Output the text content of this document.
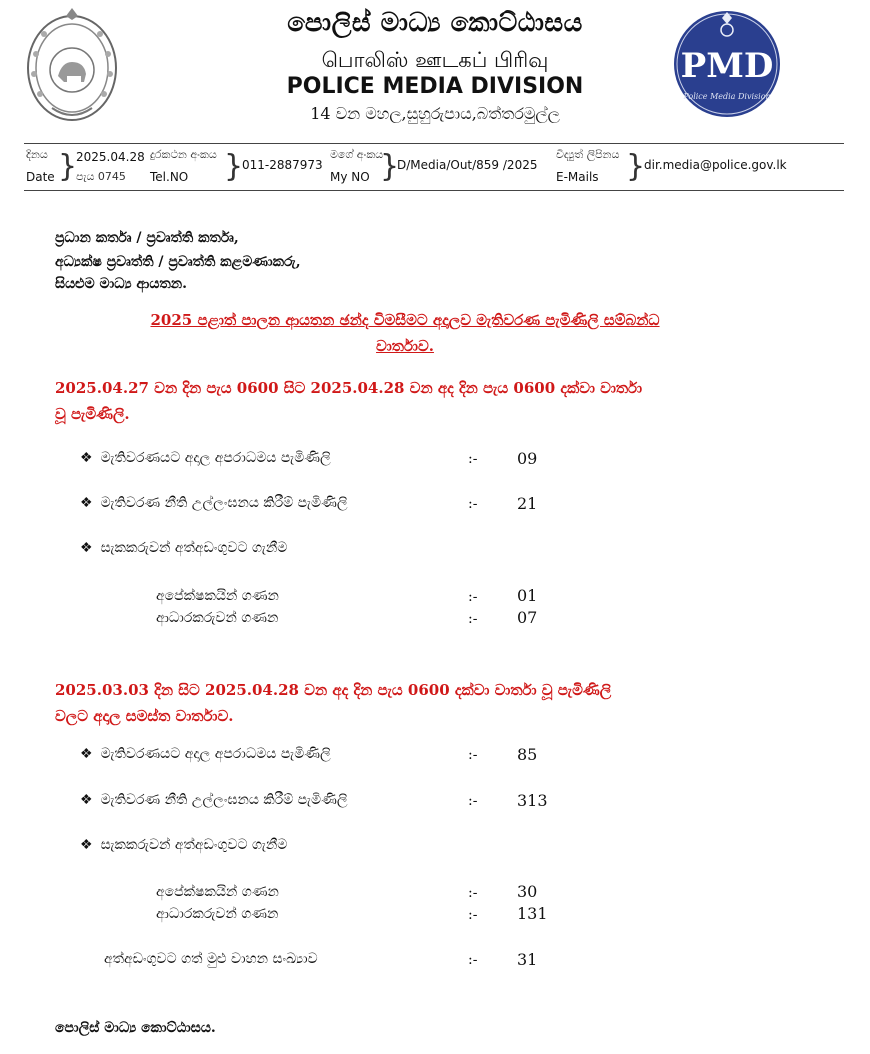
PMD
Police Media Division
පොලිස් මාධ්‍ය කොට්ඨාසය
பொலிஸ் ஊடகப் பிரிவு
POLICE MEDIA DIVISION
14 වන මහල,සුහුරුපාය,බත්තරමුල්ල
දිනය
Date }
2025.04.28
පැය 0745
දුරකථන අංකය
Tel.NO }
011-2887973
මගේ අංකය
My NO }
D/Media/Out/859 /2025
විද්‍යුත් ලිපිනය
E-Mails }
dir.media@police.gov.lk
ප්‍රධාන කර්තෘ / ප්‍රවෘත්ති කර්තෘ,
අධ්‍යක්ෂ ප්‍රවෘත්ති / ප්‍රවෘත්ති කළමණාකරු,
සියළුම මාධ්‍ය ආයතන.
2025 පළාත් පාලන ආයතන ඡන්ද විමසීමට අදාලව මැතිවරණ පැමිණිලි සම්බන්ධ
වාර්තාව.
2025.04.27 වන දින පැය 0600 සිට 2025.04.28 වන අද දින පැය 0600 දක්වා වාර්තා
වූ පැමිණිලි.
❖ මැතිවරණයට අදාල අපරාධමය පැමිණිලි	:- 09
❖ මැතිවරණ නීති උල්ලංඝනය කිරීම් පැමිණිලි	:- 21
❖ සැකකරුවන් අත්අඩංගුවට ගැනීම
අපේක්ෂකයින් ගණන	:- 01
ආධාරකරුවන් ගණන	:- 07
2025.03.03 දින සිට 2025.04.28 වන අද දින පැය 0600 දක්වා වාර්තා වූ පැමිණිලි
වලට අදාල සමස්ත වාර්තාව.
❖ මැතිවරණයට අදාල අපරාධමය පැමිණිලි	:- 85
❖ මැතිවරණ නීති උල්ලංඝනය කිරීම් පැමිණිලි	:- 313
❖ සැකකරුවන් අත්අඩංගුවට ගැනීම
අපේක්ෂකයින් ගණන	:- 30
ආධාරකරුවන් ගණන	:- 131
අත්අඩංගුවට ගත් මුළු වාහන සංඛ්‍යාව	:- 31
පොලිස් මාධ්‍ය කොට්ඨාසය.
